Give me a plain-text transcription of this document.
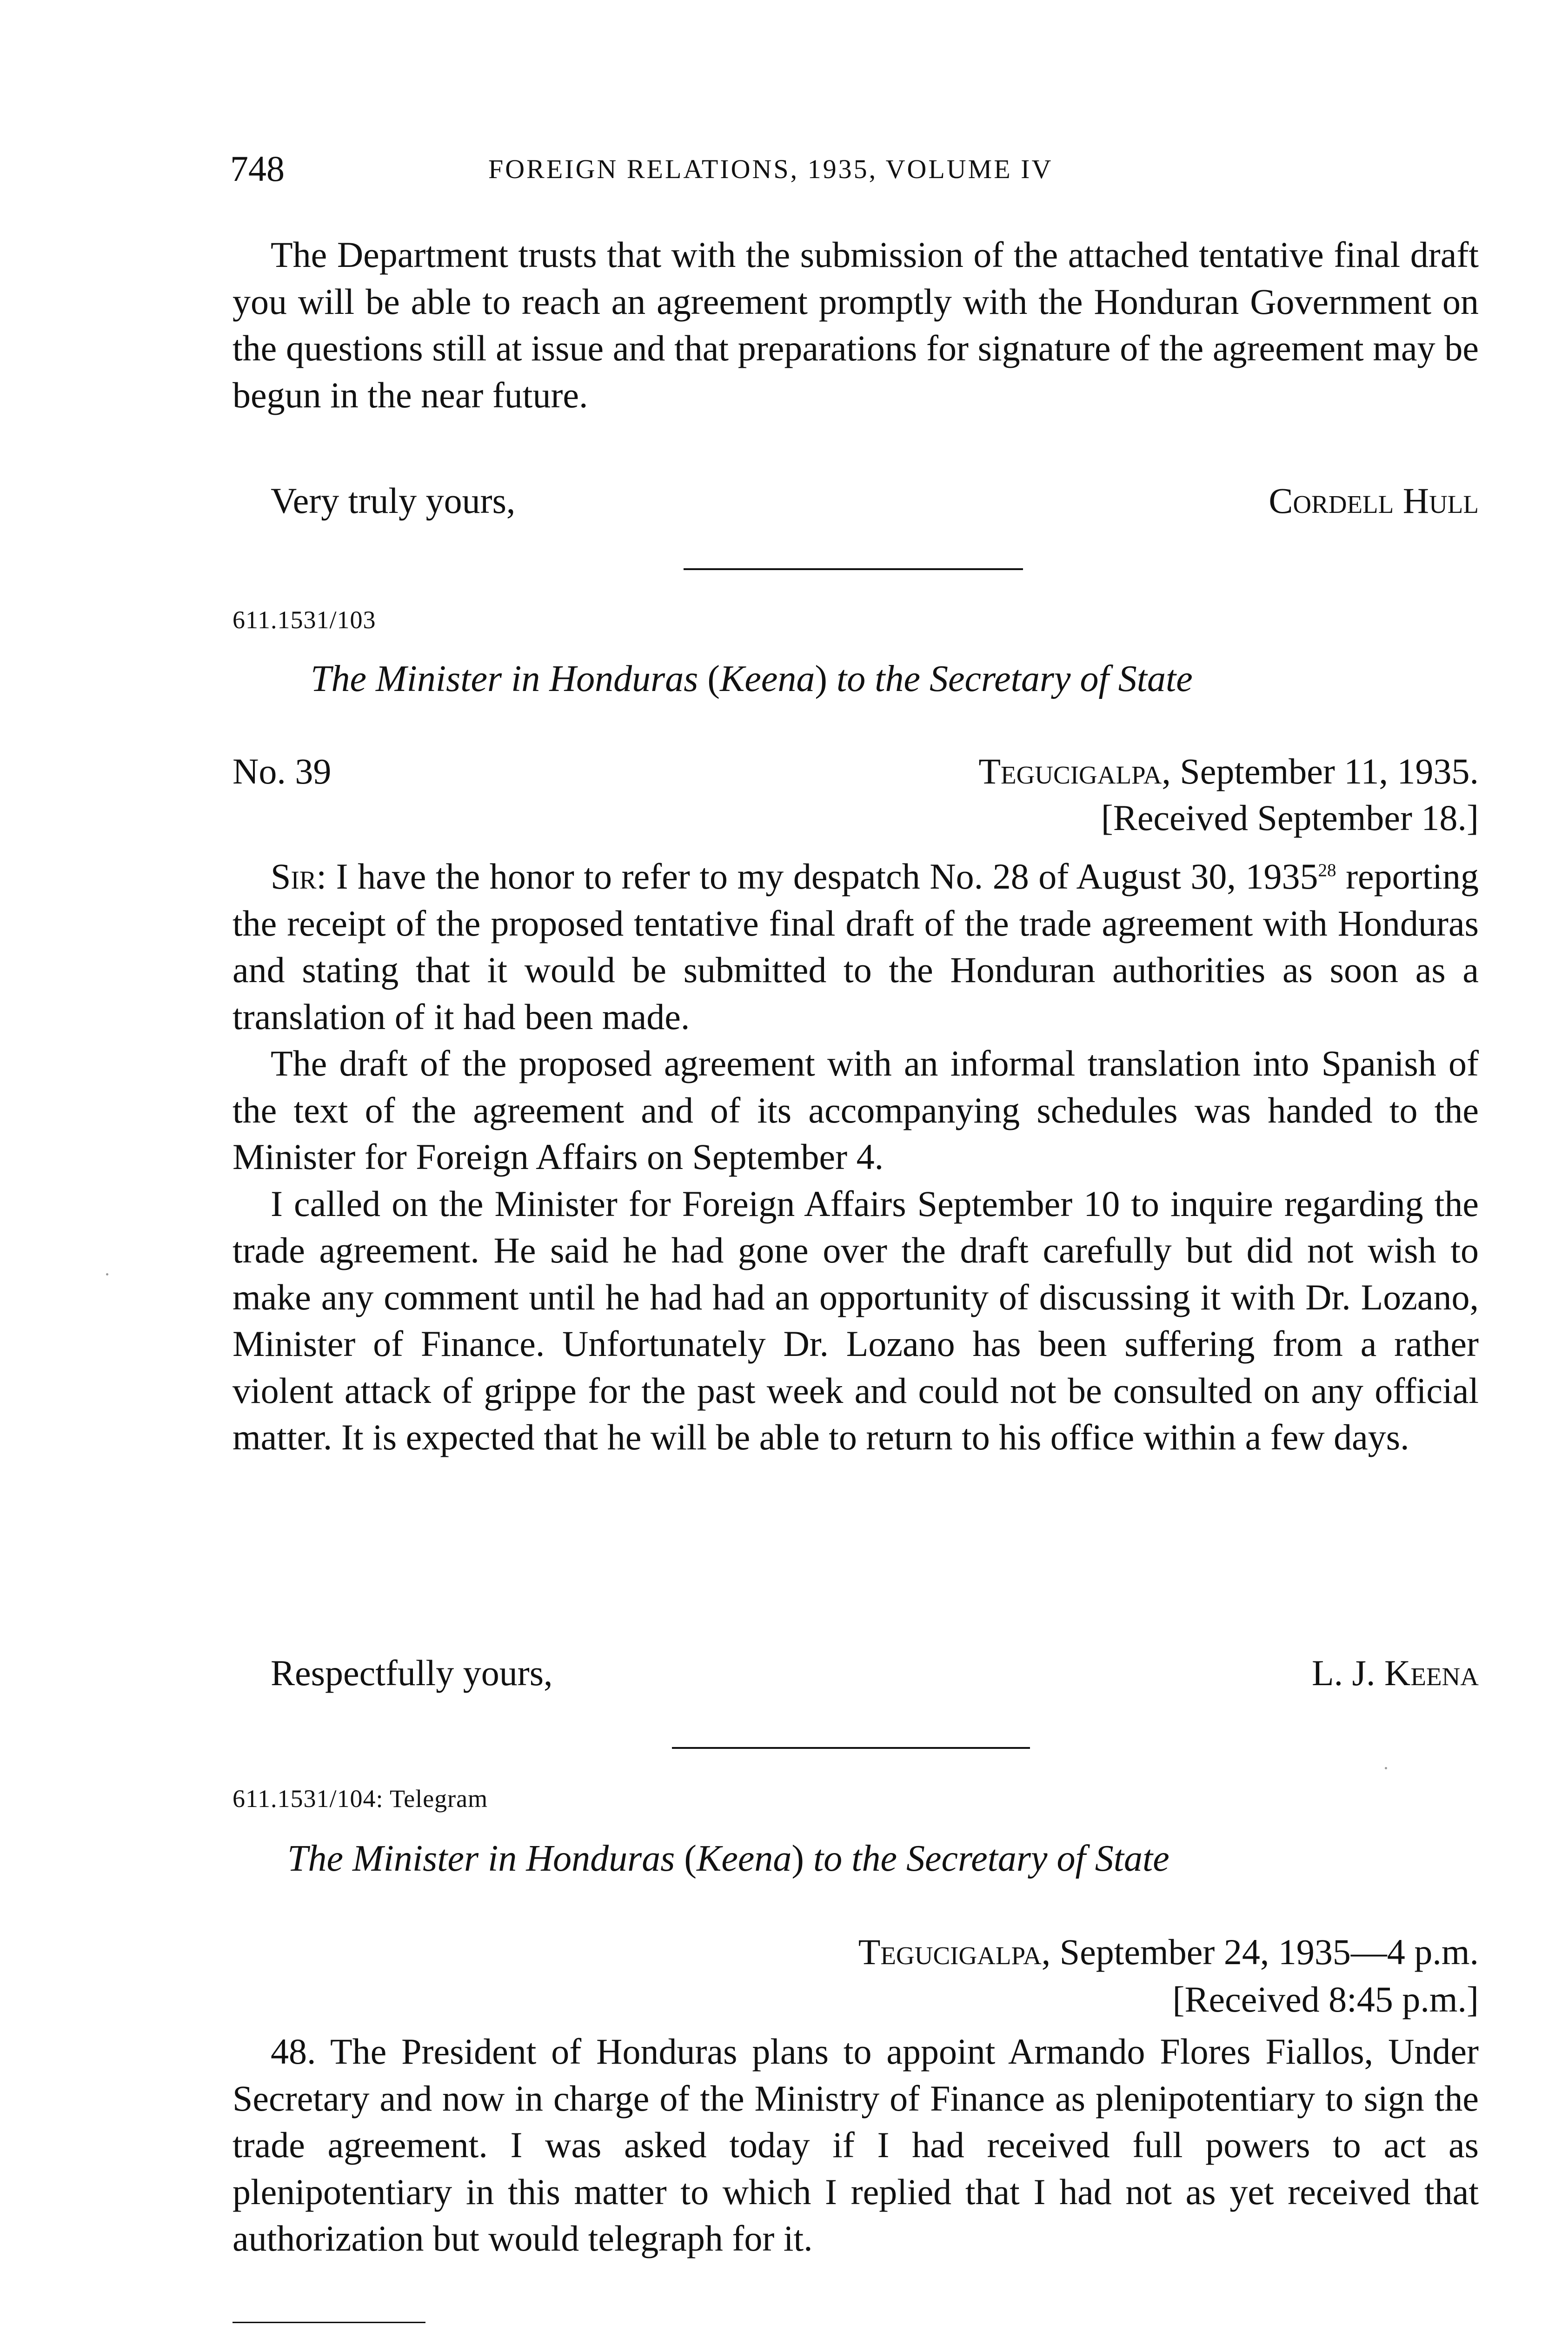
748	FOREIGN RELATIONS, 1935, VOLUME IV

The Department trusts that with the submission of the attached tentative final draft you will be able to reach an agreement promptly with the Honduran Government on the questions still at issue and that preparations for signature of the agreement may be begun in the near future.

Very truly yours,	Cordell Hull
611.1531/103
The Minister in Honduras (Keena) to the Secretary of State
No. 39	Tegucigalpa, September 11, 1935.
[Received September 18.]

Sir: I have the honor to refer to my despatch No. 28 of August 30, 1935$^{28}$ reporting the receipt of the proposed tentative final draft of the trade agreement with Honduras and stating that it would be submitted to the Honduran authorities as soon as a translation of it had been made.

The draft of the proposed agreement with an informal translation into Spanish of the text of the agreement and of its accompanying schedules was handed to the Minister for Foreign Affairs on September 4.

I called on the Minister for Foreign Affairs September 10 to inquire regarding the trade agreement. He said he had gone over the draft carefully but did not wish to make any comment until he had had an opportunity of discussing it with Dr. Lozano, Minister of Finance. Unfortunately Dr. Lozano has been suffering from a rather violent attack of grippe for the past week and could not be consulted on any official matter. It is expected that he will be able to return to his office within a few days.

Respectfully yours,	L. J. Keena
611.1531/104: Telegram
The Minister in Honduras (Keena) to the Secretary of State
Tegucigalpa, September 24, 1935—4 p.m.
[Received 8:45 p.m.]

48. The President of Honduras plans to appoint Armando Flores Fiallos, Under Secretary and now in charge of the Ministry of Finance as plenipotentiary to sign the trade agreement. I was asked today if I had received full powers to act as plenipotentiary in this matter to which I replied that I had not as yet received that authorization but would telegraph for it.
